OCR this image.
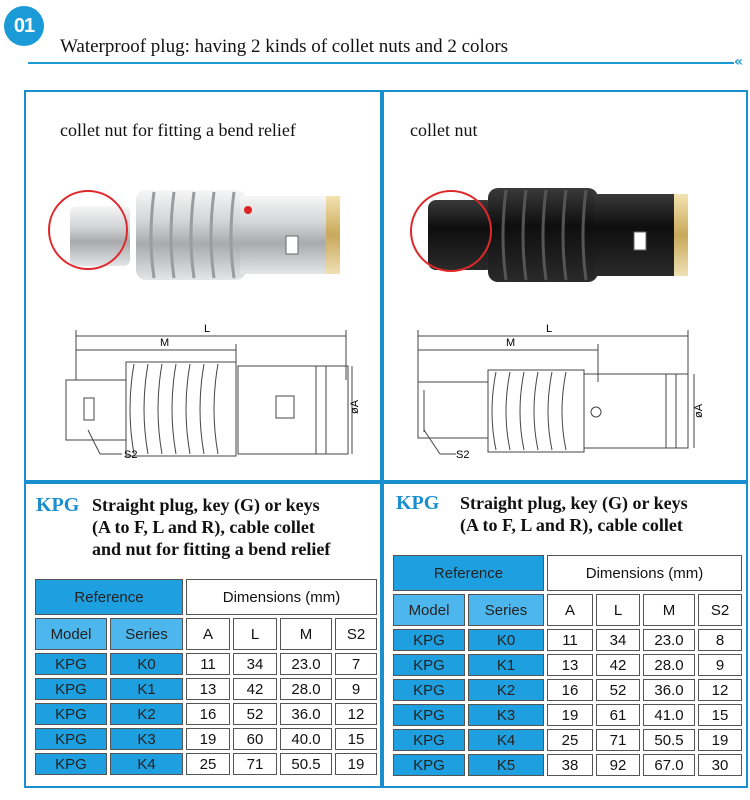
01
Waterproof plug: having 2 kinds of collet nuts and 2 colors
«
collet nut for fitting a bend relief
L
M
S2
øA
collet nut
L
M
S2
øA
KPG Straight plug, key (G) or keys
(A to F, L and R), cable collet
and nut for fitting a bend relief
Reference		Dimensions (mm)			
Model	Series	A	L	M	S2
KPG	K0	11	34	23.0	7
KPG	K1	13	42	28.0	9
KPG	K2	16	52	36.0	12
KPG	K3	19	60	40.0	15
KPG	K4	25	71	50.5	19
KPG Straight plug, key (G) or keys
(A to F, L and R), cable collet
Reference		Dimensions (mm)			
Model	Series	A	L	M	S2
KPG	K0	11	34	23.0	8
KPG	K1	13	42	28.0	9
KPG	K2	16	52	36.0	12
KPG	K3	19	61	41.0	15
KPG	K4	25	71	50.5	19
KPG	K5	38	92	67.0	30
